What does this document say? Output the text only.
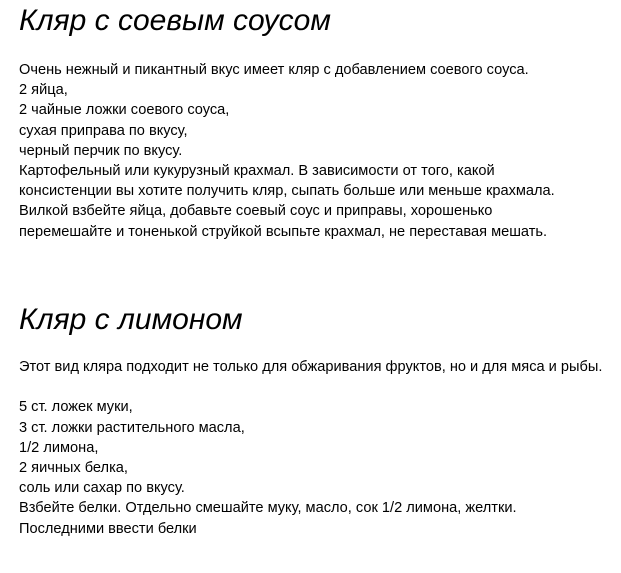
Кляр с соевым соусом
Очень нежный и пикантный вкус имеет кляр с добавлением соевого соуса.
2 яйца,
2 чайные ложки соевого соуса,
сухая приправа по вкусу,
черный перчик по вкусу.
Картофельный или кукурузный крахмал. В зависимости от того, какой
консистенции вы хотите получить кляр, сыпать больше или меньше крахмала.
Вилкой взбейте яйца, добавьте соевый соус и приправы, хорошенько
перемешайте и тоненькой струйкой всыпьте крахмал, не переставая мешать.
Кляр с лимоном
Этот вид кляра подходит не только для обжаривания фруктов, но и для мяса и рыбы.
5 ст. ложек муки,
3 ст. ложки растительного масла,
1/2 лимона,
2 яичных белка,
соль или сахар по вкусу.
Взбейте белки. Отдельно смешайте муку, масло, сок 1/2 лимона, желтки.
Последними ввести белки
